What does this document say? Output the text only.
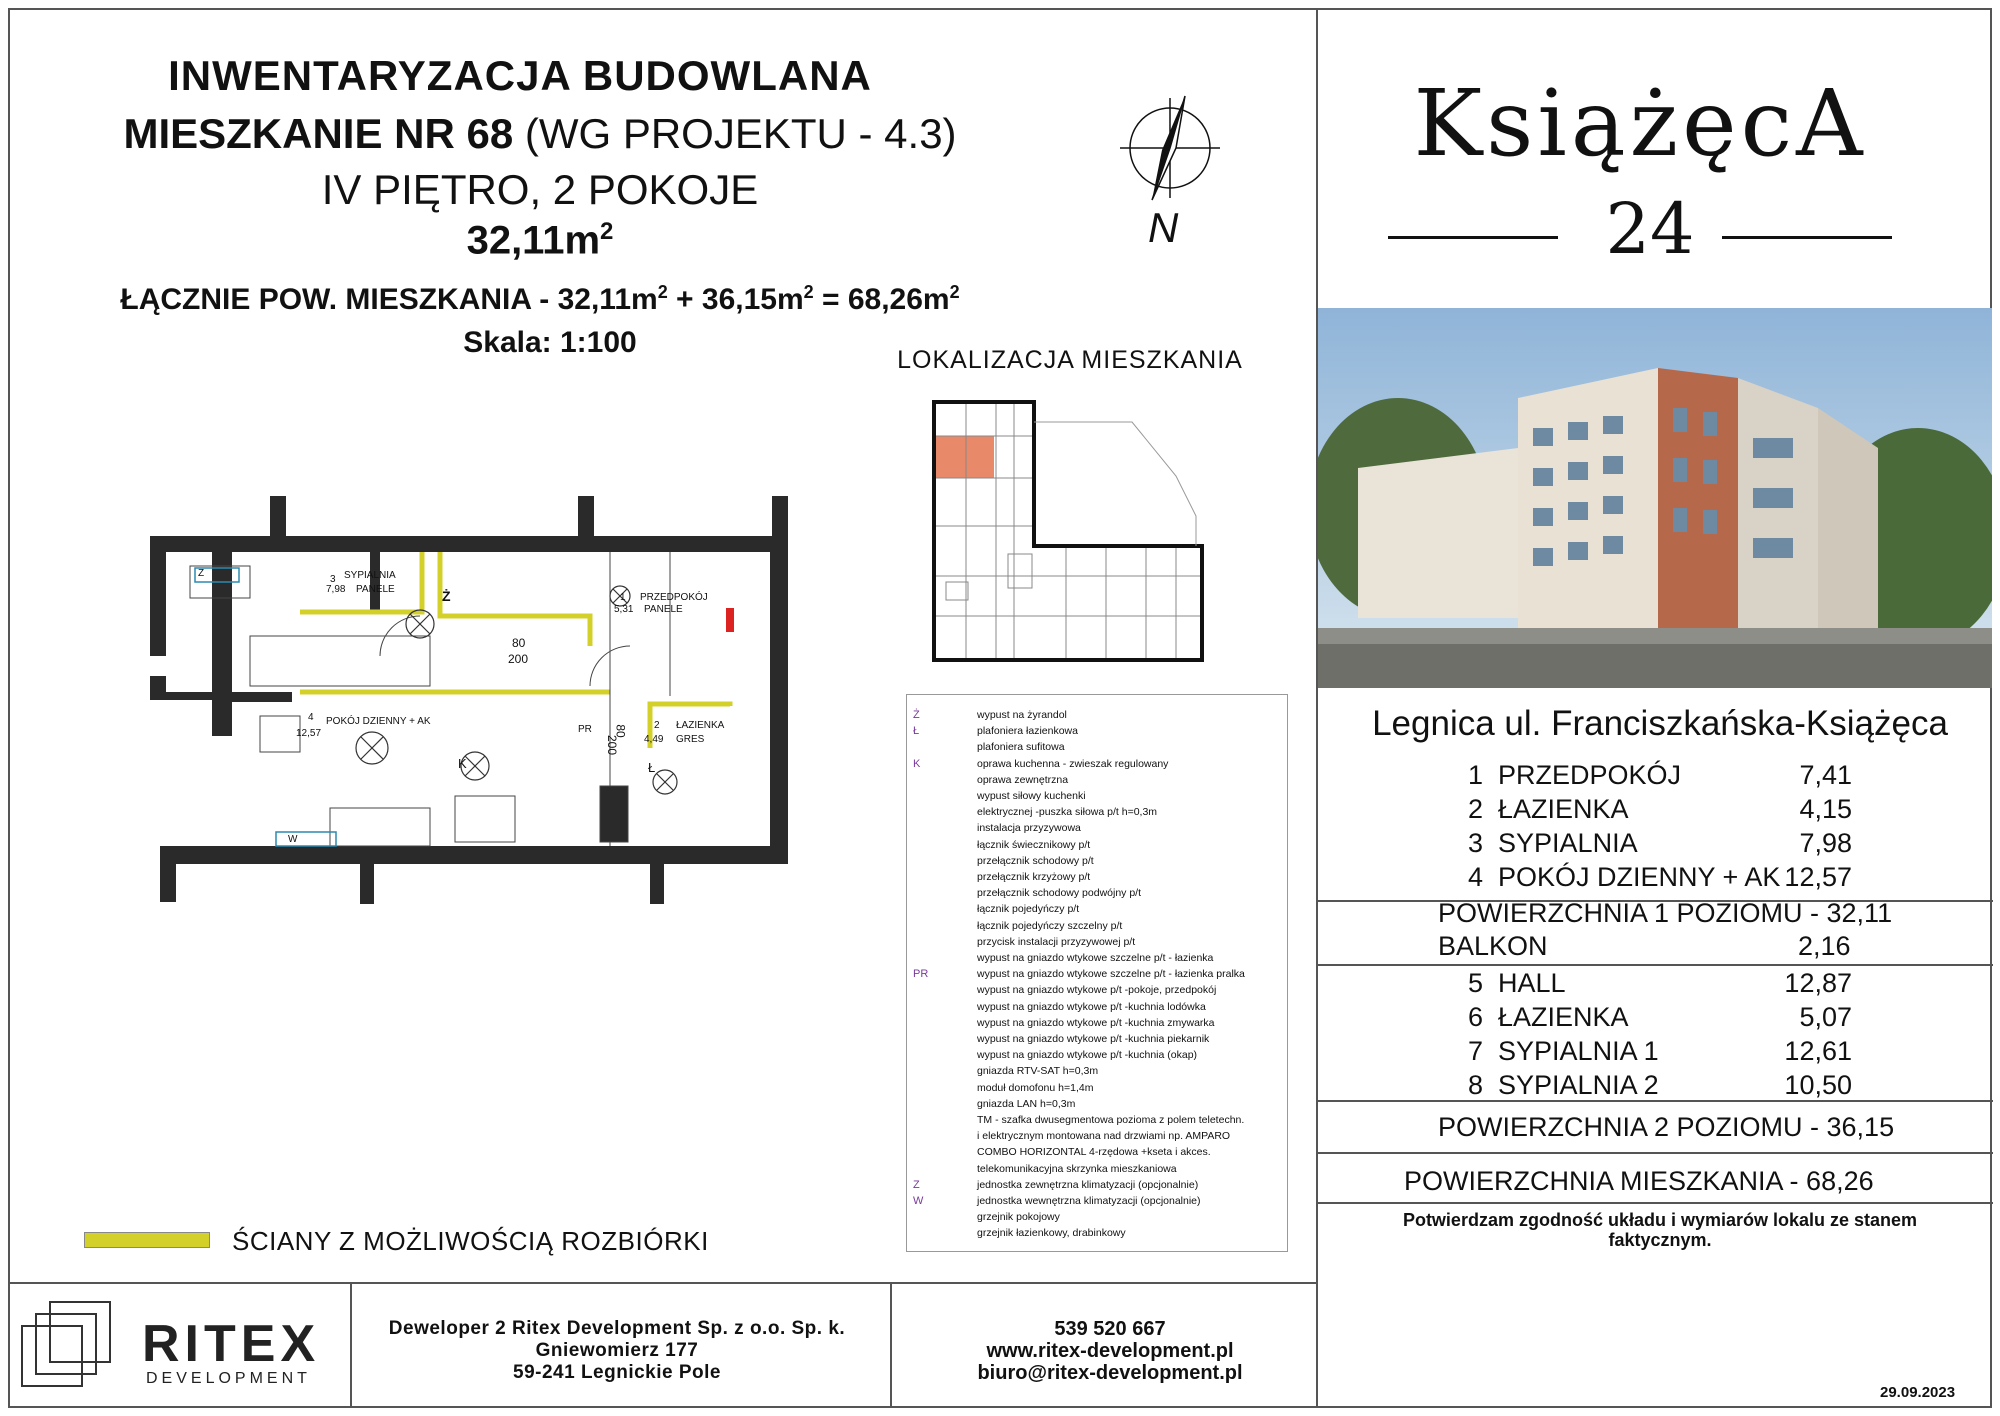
INWENTARYZACJA BUDOWLANA
MIESZKANIE NR 68 (WG PROJEKTU - 4.3)
IV PIĘTRO, 2 POKOJE
$32,11m^2$
ŁĄCZNIE POW. MIESZKANIA - $32,11m^2 + 36,15m^2 = 68,26m^2$
Skala: 1:100
N
LOKALIZACJA MIESZKANIA
Z
W
3 SYPIALNIA
7,98 PANELE
1 PRZEDPOKÓJ
5,31 PANELE
4 POKÓJ DZIENNY + AK
12,57
2 ŁAZIENKA
4,49 GRES
Ż
K	Ł
PR
80
200
80
200
Ż	wypust na żyrandol
Ł	plafoniera łazienkowa
plafoniera sufitowa
K	oprawa kuchenna - zwieszak regulowany
oprawa zewnętrzna
wypust siłowy kuchenki
elektrycznej -puszka siłowa p/t h=0,3m
instalacja przyzywowa
łącznik świecznikowy p/t
przełącznik schodowy p/t
przełącznik krzyżowy p/t
przełącznik schodowy podwójny p/t
łącznik pojedyńczy p/t
łącznik pojedyńczy szczelny p/t
przycisk instalacji przyzywowej p/t
wypust na gniazdo wtykowe szczelne p/t - łazienka
PR	wypust na gniazdo wtykowe szczelne p/t - łazienka pralka
wypust na gniazdo wtykowe p/t -pokoje, przedpokój
wypust na gniazdo wtykowe p/t -kuchnia lodówka
wypust na gniazdo wtykowe p/t -kuchnia zmywarka
wypust na gniazdo wtykowe p/t -kuchnia piekarnik
wypust na gniazdo wtykowe p/t -kuchnia (okap)
gniazda RTV-SAT h=0,3m
moduł domofonu h=1,4m
gniazda LAN h=0,3m
TM - szafka dwusegmentowa pozioma z polem teletechn.
i elektrycznym montowana nad drzwiami np. AMPARO
COMBO HORIZONTAL 4-rzędowa +kseta i akces.
telekomunikacyjna skrzynka mieszkaniowa
Z	jednostka zewnętrzna klimatyzacji (opcjonalnie)
W	jednostka wewnętrzna klimatyzacji (opcjonalnie)
grzejnik pokojowy
grzejnik łazienkowy, drabinkowy
ŚCIANY Z MOŻLIWOŚCIĄ ROZBIÓRKI
KsiążęcA
24
Legnica ul. Franciszkańska-Książęca
1  PRZEDPOKÓJ	7,41
2  ŁAZIENKA	4,15
3  SYPIALNIA	7,98
4  POKÓJ DZIENNY + AK 12,57
5  HALL	12,87
6  ŁAZIENKA	5,07
7  SYPIALNIA 1	12,61
8  SYPIALNIA 2	10,50
POWIERZCHNIA 1 POZIOMU - 32,11
BALKON	2,16
POWIERZCHNIA 2 POZIOMU - 36,15
POWIERZCHNIA MIESZKANIA - 68,26
Potwierdzam zgodność układu i wymiarów lokalu ze stanem faktycznym.
RITEX
DEVELOPMENT
Deweloper 2 Ritex Development Sp. z o.o. Sp. k.
Gniewomierz 177
59-241 Legnickie Pole
539 520 667
www.ritex-development.pl
biuro@ritex-development.pl
29.09.2023
